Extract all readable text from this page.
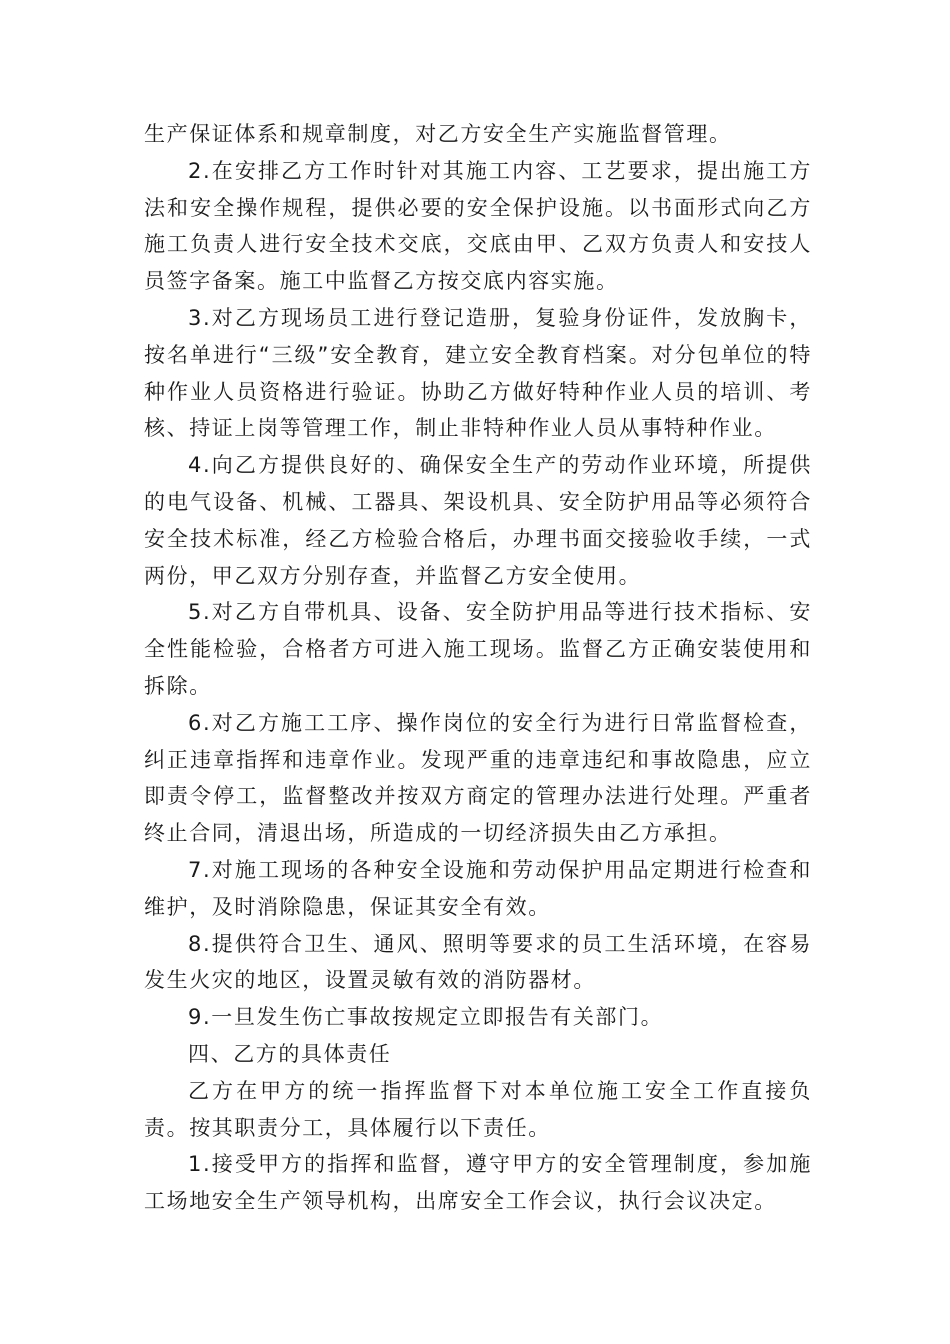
生产保证体系和规章制度，对乙方安全生产实施监督管理。

2.在安排乙方工作时针对其施工内容、工艺要求，提出施工方法和安全操作规程，提供必要的安全保护设施。以书面形式向乙方施工负责人进行安全技术交底，交底由甲、乙双方负责人和安技人员签字备案。施工中监督乙方按交底内容实施。

3.对乙方现场员工进行登记造册，复验身份证件，发放胸卡，按名单进行“三级”安全教育，建立安全教育档案。对分包单位的特种作业人员资格进行验证。协助乙方做好特种作业人员的培训、考核、持证上岗等管理工作，制止非特种作业人员从事特种作业。

4.向乙方提供良好的、确保安全生产的劳动作业环境，所提供的电气设备、机械、工器具、架设机具、安全防护用品等必须符合安全技术标准，经乙方检验合格后，办理书面交接验收手续，一式两份，甲乙双方分别存查，并监督乙方安全使用。

5.对乙方自带机具、设备、安全防护用品等进行技术指标、安全性能检验，合格者方可进入施工现场。监督乙方正确安装使用和拆除。

6.对乙方施工工序、操作岗位的安全行为进行日常监督检查，纠正违章指挥和违章作业。发现严重的违章违纪和事故隐患，应立即责令停工，监督整改并按双方商定的管理办法进行处理。严重者终止合同，清退出场，所造成的一切经济损失由乙方承担。

7.对施工现场的各种安全设施和劳动保护用品定期进行检查和维护，及时消除隐患，保证其安全有效。

8.提供符合卫生、通风、照明等要求的员工生活环境，在容易发生火灾的地区，设置灵敏有效的消防器材。

9.一旦发生伤亡事故按规定立即报告有关部门。

四、乙方的具体责任

乙方在甲方的统一指挥监督下对本单位施工安全工作直接负责。按其职责分工，具体履行以下责任。

1.接受甲方的指挥和监督，遵守甲方的安全管理制度，参加施工场地安全生产领导机构，出席安全工作会议，执行会议决定。
